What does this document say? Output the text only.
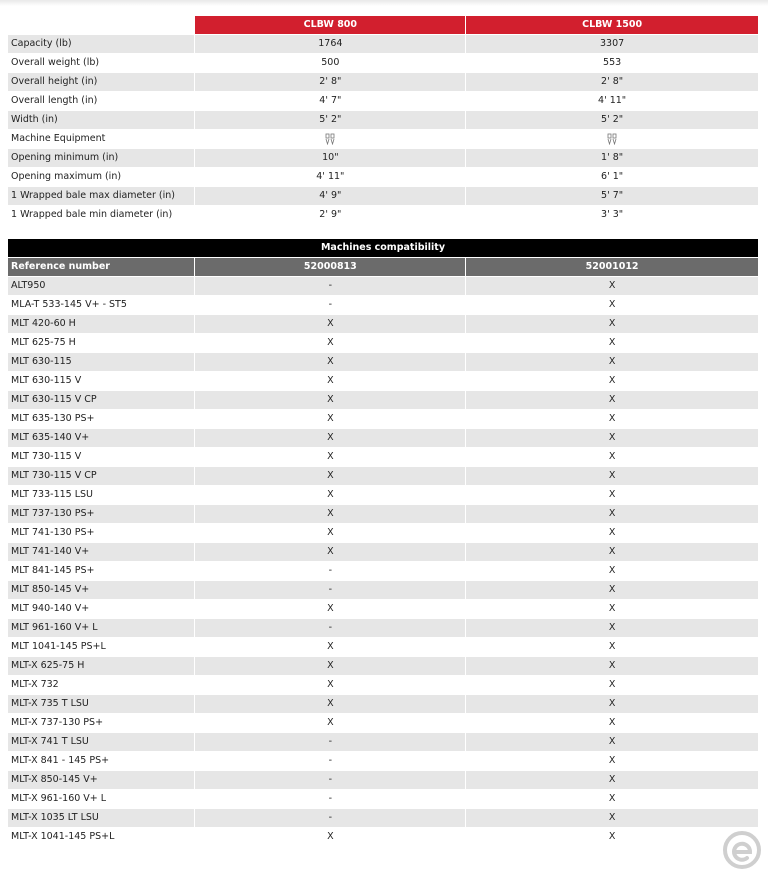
	CLBW 800	CLBW 1500
Capacity (lb)	1764	3307
Overall weight (lb)	500	553
Overall height (in)	2' 8"	2' 8"
Overall length (in)	4' 7"	4' 11"
Width (in)	5' 2"	5' 2"
Machine Equipment		
Opening minimum (in)	10"	1' 8"
Opening maximum (in)	4' 11"	6' 1"
1 Wrapped bale max diameter (in)	4' 9"	5' 7"
1 Wrapped bale min diameter (in)	2' 9"	3' 3"
Machines compatibility		
Reference number	52000813	52001012
ALT950	-	X
MLA-T 533-145 V+ - ST5	-	X
MLT 420-60 H	X	X
MLT 625-75 H	X	X
MLT 630-115	X	X
MLT 630-115 V	X	X
MLT 630-115 V CP	X	X
MLT 635-130 PS+	X	X
MLT 635-140 V+	X	X
MLT 730-115 V	X	X
MLT 730-115 V CP	X	X
MLT 733-115 LSU	X	X
MLT 737-130 PS+	X	X
MLT 741-130 PS+	X	X
MLT 741-140 V+	X	X
MLT 841-145 PS+	-	X
MLT 850-145 V+	-	X
MLT 940-140 V+	X	X
MLT 961-160 V+ L	-	X
MLT 1041-145 PS+L	X	X
MLT-X 625-75 H	X	X
MLT-X 732	X	X
MLT-X 735 T LSU	X	X
MLT-X 737-130 PS+	X	X
MLT-X 741 T LSU	-	X
MLT-X 841 - 145 PS+	-	X
MLT-X 850-145 V+	-	X
MLT-X 961-160 V+ L	-	X
MLT-X 1035 LT LSU	-	X
MLT-X 1041-145 PS+L	X	X
